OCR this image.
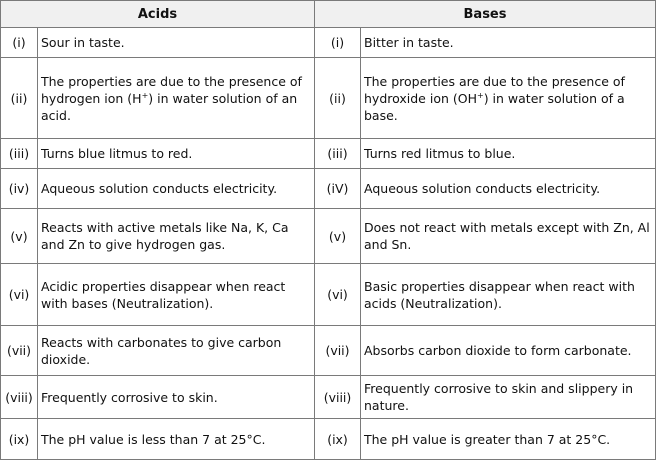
Acids		Bases	
(i)	Sour in taste.	(i)	Bitter in taste.
(ii)	The properties are due to the presence of hydrogen ion (H+) in water solution of an acid.	(ii)	The properties are due to the presence of hydroxide ion (OH+) in water solution of a base.
(iii)	Turns blue litmus to red.	(iii)	Turns red litmus to blue.
(iv)	Aqueous solution conducts electricity.	(iV)	Aqueous solution conducts electricity.
(v)	Reacts with active metals like Na, K, Ca and Zn to give hydrogen gas.	(v)	Does not react with metals except with Zn, Al and Sn.
(vi)	Acidic properties disappear when react with bases (Neutralization).	(vi)	Basic properties disappear when react with acids (Neutralization).
(vii)	Reacts with carbonates to give carbon dioxide.	(vii)	Absorbs carbon dioxide to form carbonate.
(viii)	Frequently corrosive to skin.	(viii)	Frequently corrosive to skin and slippery in nature.
(ix)	The pH value is less than 7 at 25°C.	(ix)	The pH value is greater than 7 at 25°C.
